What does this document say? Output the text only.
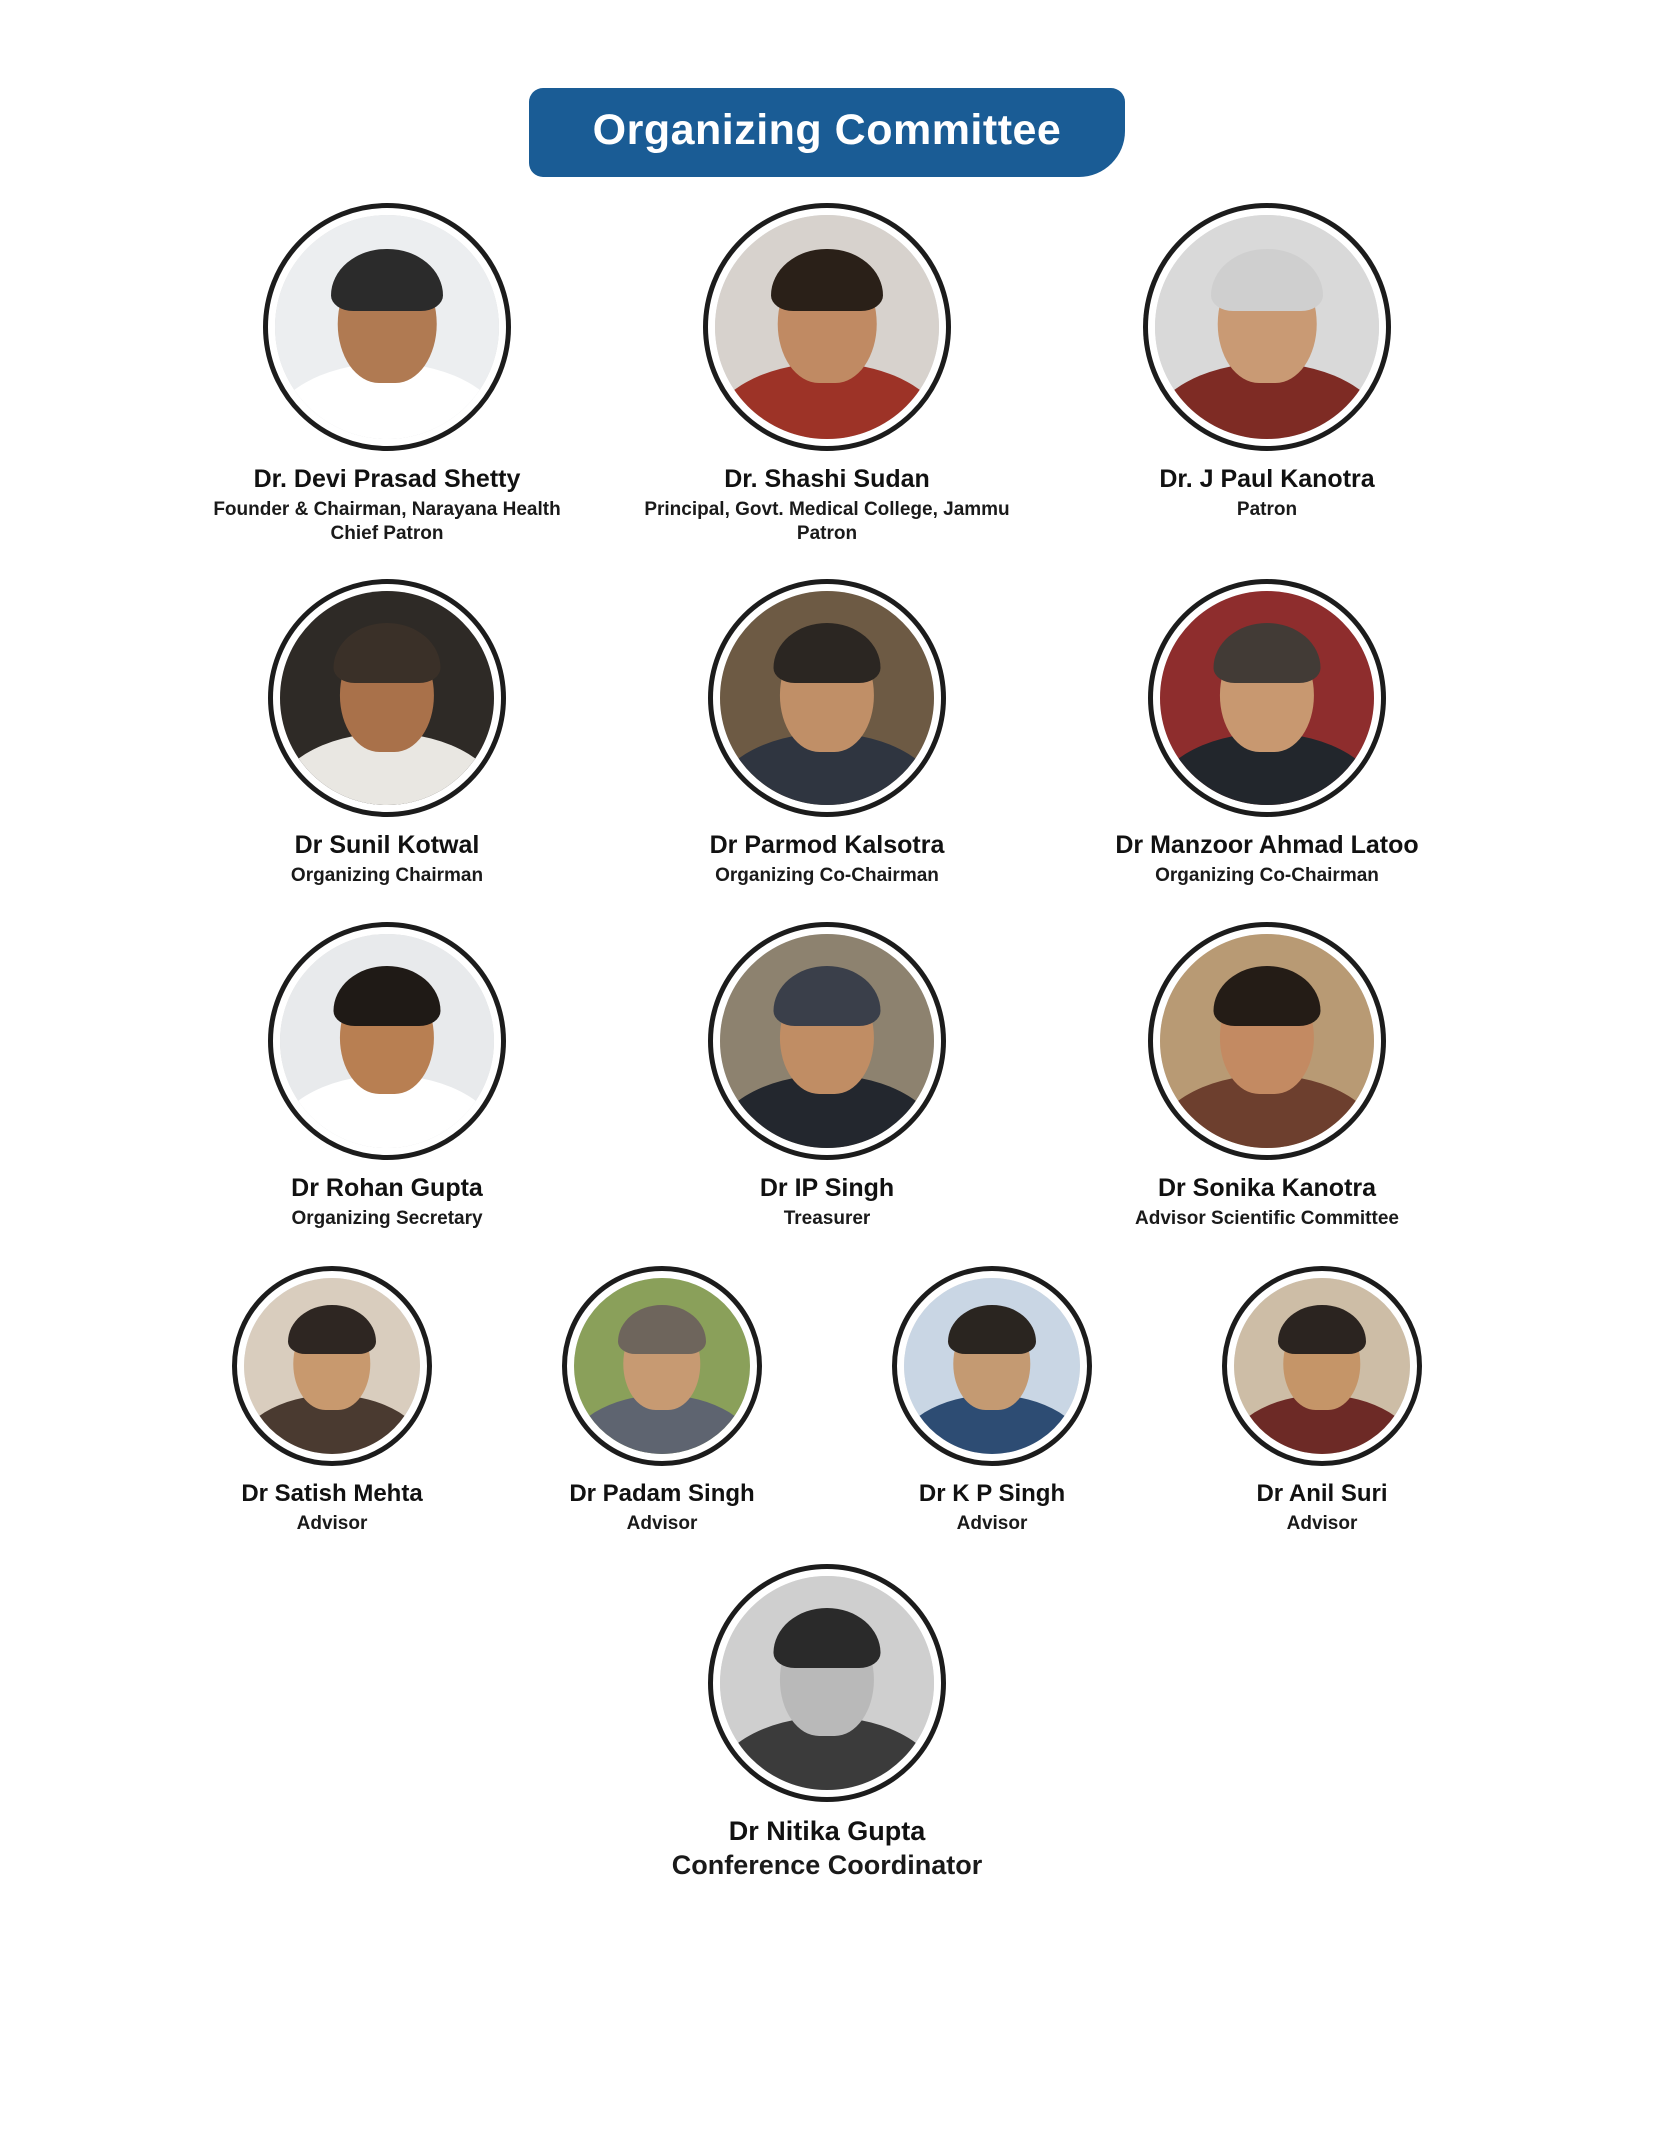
Organizing Committee
Dr. Devi Prasad Shetty
Founder & Chairman, Narayana Health
Chief Patron
Dr. Shashi Sudan
Principal, Govt. Medical College, Jammu
Patron
Dr. J Paul Kanotra
Patron
Dr Sunil Kotwal
Organizing Chairman
Dr Parmod Kalsotra
Organizing Co-Chairman
Dr Manzoor Ahmad Latoo
Organizing Co-Chairman
Dr Rohan Gupta
Organizing Secretary
Dr IP Singh
Treasurer
Dr Sonika Kanotra
Advisor Scientific Committee
Dr Satish Mehta
Advisor
Dr Padam Singh
Advisor
Dr K P Singh
Advisor
Dr Anil Suri
Advisor
Dr Nitika Gupta
Conference Coordinator
